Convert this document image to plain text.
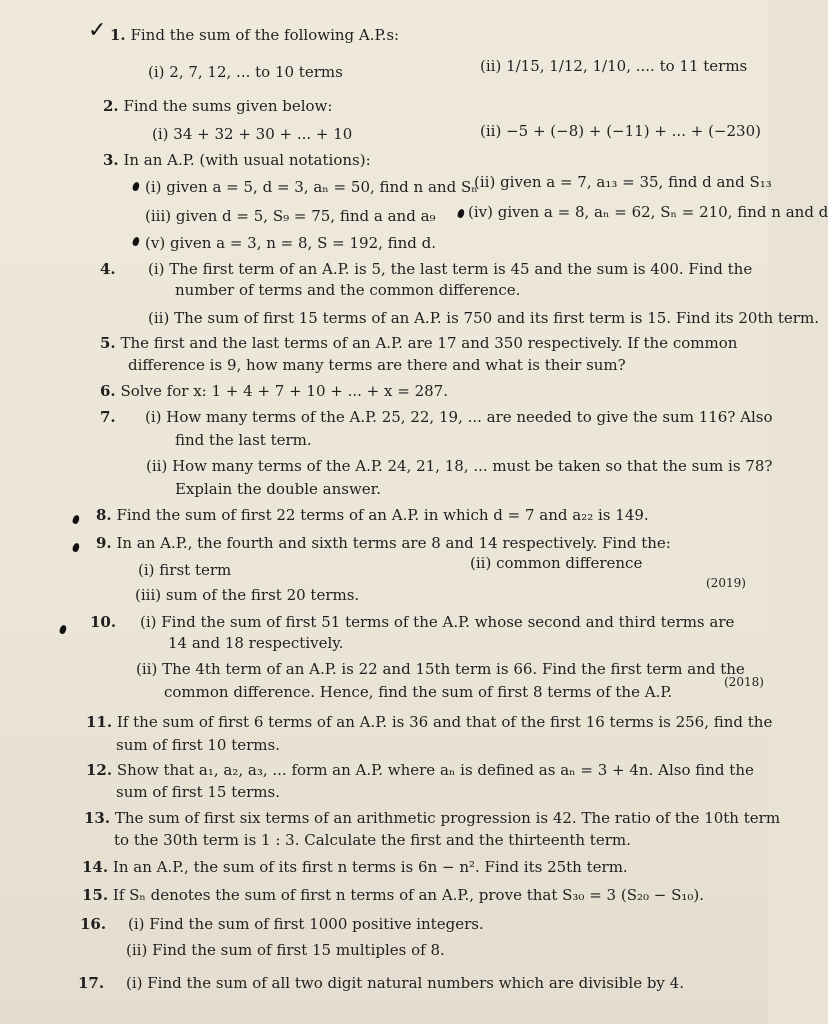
✓ 1. Find the sum of the following A.P.s:
(i) 2, 7, 12, ... to 10 terms	(ii) 1/15, 1/12, 1/10, .... to 11 terms
2. Find the sums given below:
(i) 34 + 32 + 30 + ... + 10	(ii) −5 + (−8) + (−11) + ... + (−230)
3. In an A.P. (with usual notations):
(i) given a = 5, d = 3, aₙ = 50, find n and Sₙ
(ii) given a = 7, a₁₃ = 35, find d and S₁₃
(iii) given d = 5, S₉ = 75, find a and a₉ (iv) given a = 8, aₙ = 62, Sₙ = 210, find n and d
(v) given a = 3, n = 8, S = 192, find d.
4. (i) The first term of an A.P. is 5, the last term is 45 and the sum is 400. Find the
number of terms and the common difference.
(ii) The sum of first 15 terms of an A.P. is 750 and its first term is 15. Find its 20th term.
5. The first and the last terms of an A.P. are 17 and 350 respectively. If the common
difference is 9, how many terms are there and what is their sum?
6. Solve for x: 1 + 4 + 7 + 10 + ... + x = 287.
7. (i) How many terms of the A.P. 25, 22, 19, ... are needed to give the sum 116? Also
find the last term.
(ii) How many terms of the A.P. 24, 21, 18, ... must be taken so that the sum is 78?
Explain the double answer.
8. Find the sum of first 22 terms of an A.P. in which d = 7 and a₂₂ is 149.
9. In an A.P., the fourth and sixth terms are 8 and 14 respectively. Find the:
(i) first term	(ii) common difference
(iii) sum of the first 20 terms.
(2019)
10. (i) Find the sum of first 51 terms of the A.P. whose second and third terms are
14 and 18 respectively.
(ii) The 4th term of an A.P. is 22 and 15th term is 66. Find the first term and the
common difference. Hence, find the sum of first 8 terms of the A.P.
(2018)
11. If the sum of first 6 terms of an A.P. is 36 and that of the first 16 terms is 256, find the
sum of first 10 terms.
12. Show that a₁, a₂, a₃, ... form an A.P. where aₙ is defined as aₙ = 3 + 4n. Also find the
sum of first 15 terms.
13. The sum of first six terms of an arithmetic progression is 42. The ratio of the 10th term
to the 30th term is 1 : 3. Calculate the first and the thirteenth term.
14. In an A.P., the sum of its first n terms is 6n − n². Find its 25th term.
15. If Sₙ denotes the sum of first n terms of an A.P., prove that S₃₀ = 3 (S₂₀ − S₁₀).
16. (i) Find the sum of first 1000 positive integers.
(ii) Find the sum of first 15 multiples of 8.
17. (i) Find the sum of all two digit natural numbers which are divisible by 4.
